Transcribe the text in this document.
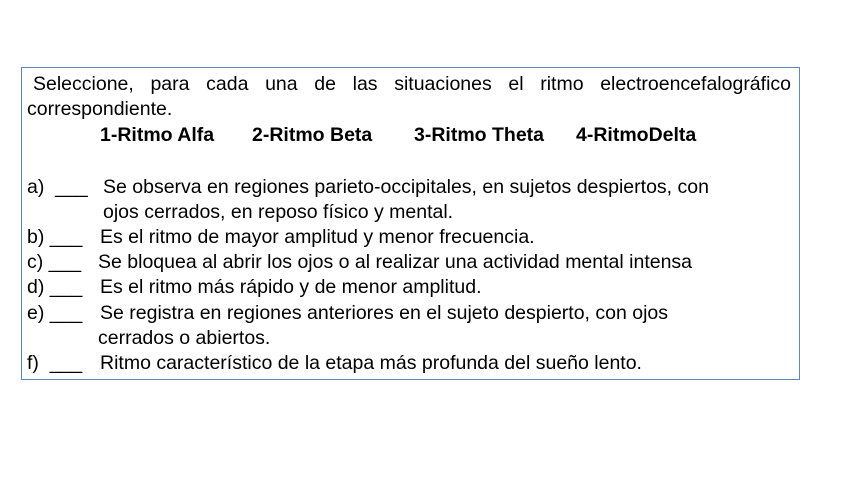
Seleccione, para cada una de las situaciones el ritmo electroencefalográfico
correspondiente.
1-Ritmo Alfa	2-Ritmo Beta	3-Ritmo Theta	4-RitmoDelta
a)  ___ Se observa en regiones parieto-occipitales, en sujetos despiertos, con
ojos cerrados, en reposo físico y mental.
b) ___ Es el ritmo de mayor amplitud y menor frecuencia.
c) ___ Se bloquea al abrir los ojos o al realizar una actividad mental intensa
d) ___ Es el ritmo más rápido y de menor amplitud.
e) ___ Se registra en regiones anteriores en el sujeto despierto, con ojos
cerrados o abiertos.
f)  ___ Ritmo característico de la etapa más profunda del sueño lento.
